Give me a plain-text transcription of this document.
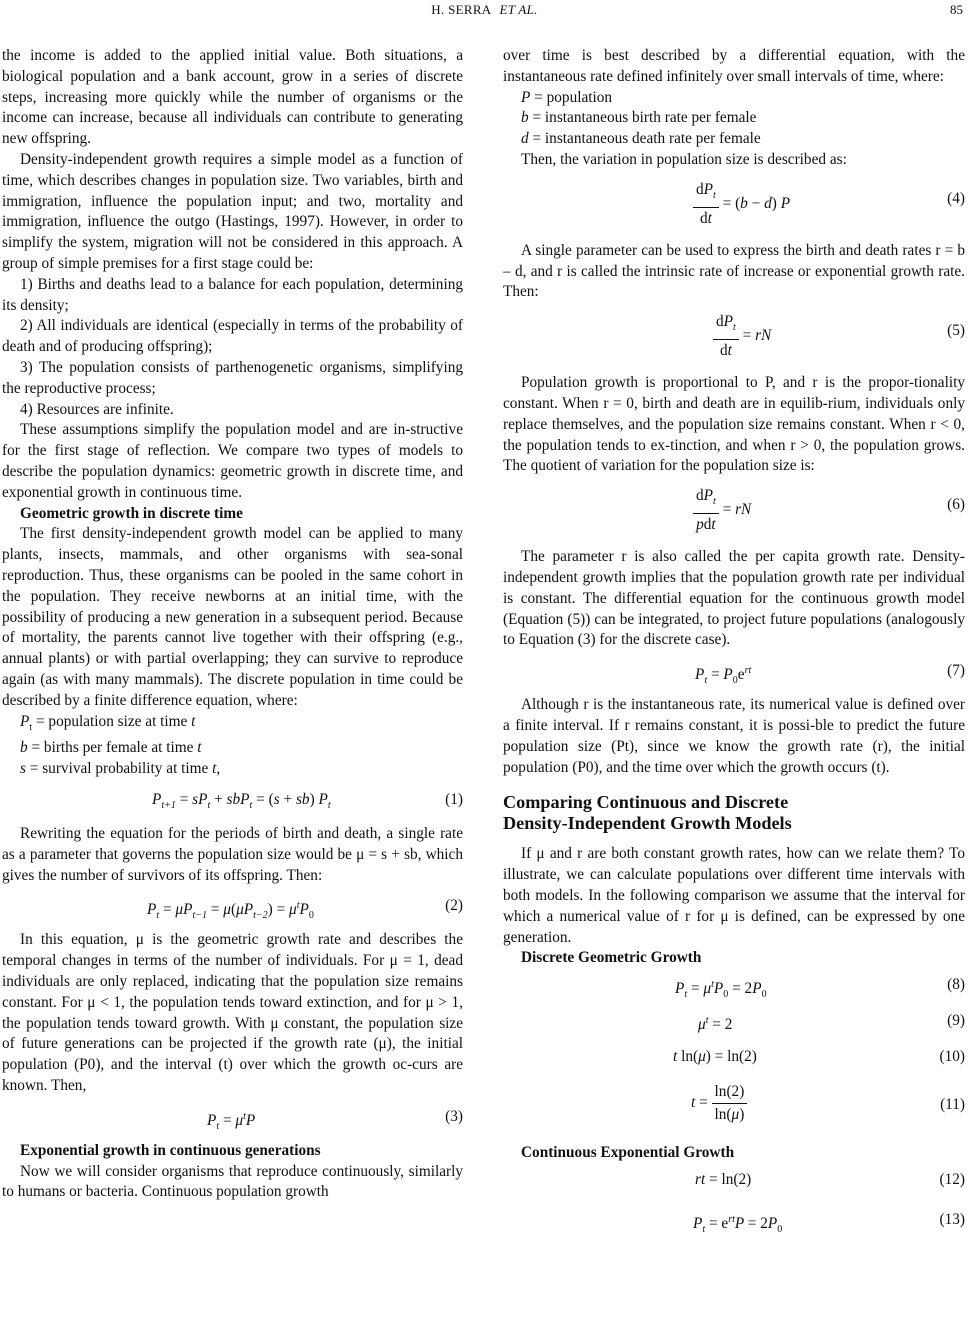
H. SERRA ET AL.	85

the income is added to the applied initial value. Both situations, a biological population and a bank account, grow in a series of discrete steps, increasing more quickly while the number of organisms or the income can increase, because all individuals can contribute to generating new offspring.

Density-independent growth requires a simple model as a function of time, which describes changes in population size. Two variables, birth and immigration, influence the population input; and two, mortality and immigration, influence the outgo (Hastings, 1997). However, in order to simplify the system, migration will not be considered in this approach. A group of simple premises for a first stage could be:

1) Births and deaths lead to a balance for each population, determining its density;

2) All individuals are identical (especially in terms of the probability of death and of producing offspring);

3) The population consists of parthenogenetic organisms, simplifying the reproductive process;

4) Resources are infinite.

These assumptions simplify the population model and are in-structive for the first stage of reflection. We compare two types of models to describe the population dynamics: geometric growth in discrete time, and exponential growth in continuous time.

Geometric growth in discrete time

The first density-independent growth model can be applied to many plants, insects, mammals, and other organisms with sea-sonal reproduction. Thus, these organisms can be pooled in the same cohort in the population. They receive newborns at an initial time, with the possibility of producing a new generation in a subsequent period. Because of mortality, the parents cannot live together with their offspring (e.g., annual plants) or with partial overlapping; they can survive to reproduce again (as with many mammals). The discrete population in time could be described by a finite difference equation, where:

$P_t$ = population size at time t
b = births per female at time t
s = survival probability at time t,
$P_{t+1} = sP_t + sbP_t = (s + sb)$ $P_t$	(1)

Rewriting the equation for the periods of birth and death, a single rate as a parameter that governs the population size would be μ = s + sb, which gives the number of survivors of its offspring. Then:

$P_t = \mu P_{t-1} = \mu(\mu P_{t-2}) = \mu^tP_0$
(2)

In this equation, μ is the geometric growth rate and describes the temporal changes in terms of the number of individuals. For μ = 1, dead individuals are only replaced, indicating that the population size remains constant. For μ < 1, the population tends toward extinction, and for μ > 1, the population tends toward growth. With μ constant, the population size of future generations can be projected if the growth rate (μ), the initial population (P0), and the interval (t) over which the growth oc-curs are known. Then,

$P_t = \mu^tP$	(3)
Exponential growth in continuous generations

Now we will consider organisms that reproduce continuously, similarly to humans or bacteria. Continuous population growth

over time is best described by a differential equation, with the instantaneous rate defined infinitely over small intervals of time, where:

P = population
b = instantaneous birth rate per female
d = instantaneous death rate per female

Then, the variation in population size is described as:

$\frac{dP_t}{dt} = (b - d)$ P	(4)

A single parameter can be used to express the birth and death rates r = b – d, and r is called the intrinsic rate of increase or exponential growth rate. Then:

$\frac{dP_t}{dt}$ = rN	(5)

Population growth is proportional to P, and r is the propor-tionality constant. When r = 0, birth and death are in equilib-rium, individuals only replace themselves, and the population size remains constant. When r < 0, the population tends to ex-tinction, and when r > 0, the population grows. The quotient of variation for the population size is:

$\frac{dP_t}{\text{pdt}}$ = rN	(6)

The parameter r is also called the per capita growth rate. Density-independent growth implies that the population growth rate per individual is constant. The differential equation for the continuous growth model (Equation (5)) can be integrated, to project future populations (analogously to Equation (3) for the discrete case).

$P_t = P_0e^{rt}$	(7)

Although r is the instantaneous rate, its numerical value is defined over a finite interval. If r remains constant, it is possi-ble to predict the future population size (Pt), since we know the growth rate (r), the initial population (P0), and the time over which the growth occurs (t).

Comparing Continuous and Discrete
Density-Independent Growth Models

If μ and r are both constant growth rates, how can we relate them? To illustrate, we can calculate populations over different time intervals with both models. In the following comparison we assume that the interval for which a numerical value of r for μ is defined, can be expressed by one generation.

Discrete Geometric Growth
$P_t = \mu^tP_0 = 2P_0$
(8)
$\mu^t = 2$	(9)
t ln(μ) = ln(2)	(10)
$t = \frac{\ln(2)}{\ln(\mu)}$	(11)
Continuous Exponential Growth
rt = ln(2)	(12)
$P_t = e^{rt}P = 2P_0$
(13)
